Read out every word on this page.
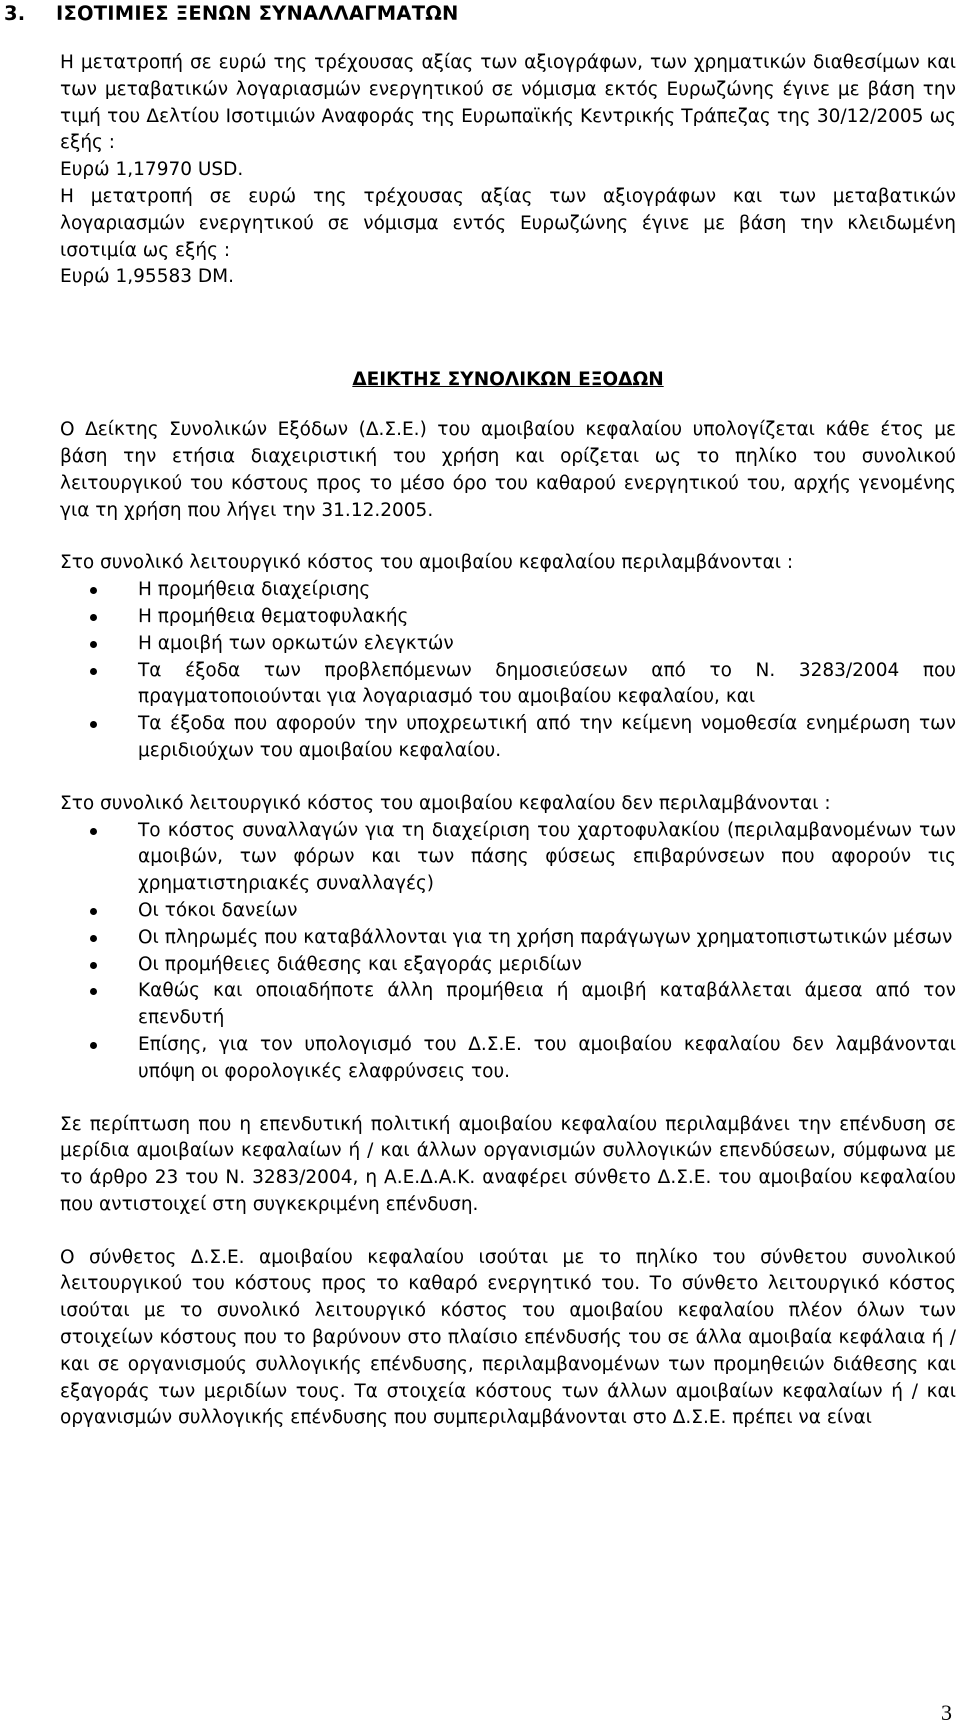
3. ΙΣΟΤΙΜΙΕΣ ΞΕΝΩΝ ΣΥΝΑΛΛΑΓΜΑΤΩΝ

Η μετατροπή σε ευρώ της τρέχουσας αξίας των αξιογράφων, των χρηματικών διαθεσίμων και των μεταβατικών λογαριασμών ενεργητικού σε νόμισμα εκτός Ευρωζώνης έγινε με βάση την τιμή του Δελτίου Ισοτιμιών Αναφοράς της Ευρωπαϊκής Κεντρικής Τράπεζας της 30/12/2005 ως εξής :

Ευρώ 1,17970 USD.

Η μετατροπή σε ευρώ της τρέχουσας αξίας των αξιογράφων και των μεταβατικών λογαριασμών ενεργητικού σε νόμισμα εντός Ευρωζώνης έγινε με βάση την κλειδωμένη ισοτιμία ως εξής :

Ευρώ 1,95583 DM.

ΔΕΙΚΤΗΣ ΣΥΝΟΛΙΚΩΝ ΕΞΟΔΩΝ

Ο Δείκτης Συνολικών Εξόδων (Δ.Σ.Ε.) του αμοιβαίου κεφαλαίου υπολογίζεται κάθε έτος με βάση την ετήσια διαχειριστική του χρήση και ορίζεται ως το πηλίκο του συνολικού λειτουργικού του κόστους προς το μέσο όρο του καθαρού ενεργητικού του, αρχής γενομένης για τη χρήση που λήγει την 31.12.2005.

Στο συνολικό λειτουργικό κόστος του αμοιβαίου κεφαλαίου περιλαμβάνονται :

Η προμήθεια διαχείρισης
Η προμήθεια θεματοφυλακής
Η αμοιβή των ορκωτών ελεγκτών
Τα έξοδα των προβλεπόμενων δημοσιεύσεων από το Ν. 3283/2004 που πραγματοποιούνται για λογαριασμό του αμοιβαίου κεφαλαίου, και
Τα έξοδα που αφορούν την υποχρεωτική από την κείμενη νομοθεσία ενημέρωση των μεριδιούχων του αμοιβαίου κεφαλαίου.

Στο συνολικό λειτουργικό κόστος του αμοιβαίου κεφαλαίου δεν περιλαμβάνονται :

Το κόστος συναλλαγών για τη διαχείριση του χαρτοφυλακίου (περιλαμβανομένων των αμοιβών, των φόρων και των πάσης φύσεως επιβαρύνσεων που αφορούν τις χρηματιστηριακές συναλλαγές)
Οι τόκοι δανείων
Οι πληρωμές που καταβάλλονται για τη χρήση παράγωγων χρηματοπιστωτικών μέσων
Οι προμήθειες διάθεσης και εξαγοράς μεριδίων
Καθώς και οποιαδήποτε άλλη προμήθεια ή αμοιβή καταβάλλεται άμεσα από τον επενδυτή
Επίσης, για τον υπολογισμό του Δ.Σ.Ε. του αμοιβαίου κεφαλαίου δεν λαμβάνονται υπόψη οι φορολογικές ελαφρύνσεις του.

Σε περίπτωση που η επενδυτική πολιτική αμοιβαίου κεφαλαίου περιλαμβάνει την επένδυση σε μερίδια αμοιβαίων κεφαλαίων ή / και άλλων οργανισμών συλλογικών επενδύσεων, σύμφωνα με το άρθρο 23 του Ν. 3283/2004, η Α.Ε.Δ.Α.Κ. αναφέρει σύνθετο Δ.Σ.Ε. του αμοιβαίου κεφαλαίου που αντιστοιχεί στη συγκεκριμένη επένδυση.

Ο σύνθετος Δ.Σ.Ε. αμοιβαίου κεφαλαίου ισούται με το πηλίκο του σύνθετου συνολικού λειτουργικού του κόστους προς το καθαρό ενεργητικό του. Το σύνθετο λειτουργικό κόστος ισούται με το συνολικό λειτουργικό κόστος του αμοιβαίου κεφαλαίου πλέον όλων των στοιχείων κόστους που το βαρύνουν στο πλαίσιο επένδυσής του σε άλλα αμοιβαία κεφάλαια ή / και σε οργανισμούς συλλογικής επένδυσης, περιλαμβανομένων των προμηθειών διάθεσης και εξαγοράς των μεριδίων τους. Τα στοιχεία κόστους των άλλων αμοιβαίων κεφαλαίων ή / και οργανισμών συλλογικής επένδυσης που συμπεριλαμβάνονται στο Δ.Σ.Ε. πρέπει να είναι

3
